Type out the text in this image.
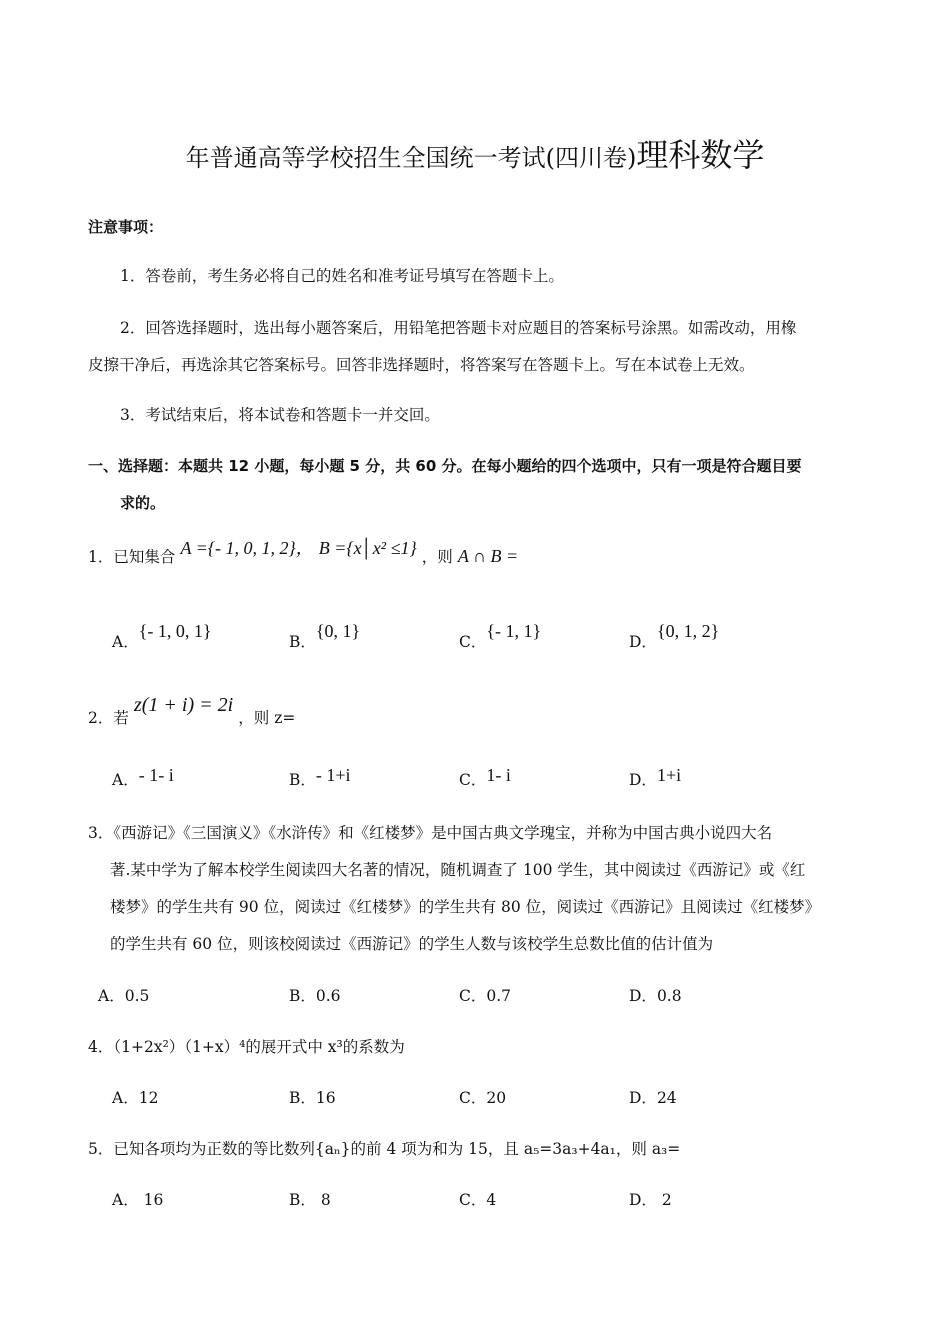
年普通高等学校招生全国统一考试(四川卷)理科数学
注意事项：
1．答卷前，考生务必将自己的姓名和准考证号填写在答题卡上。
2．回答选择题时，选出每小题答案后，用铅笔把答题卡对应题目的答案标号涂黑。如需改动，用橡
皮擦干净后，再选涂其它答案标号。回答非选择题时，将答案写在答题卡上。写在本试卷上无效。
3．考试结束后，将本试卷和答题卡一并交回。
一、选择题：本题共 12 小题，每小题 5 分，共 60 分。在每小题给的四个选项中，只有一项是符合题目要
求的。
1．已知集合 A ={- 1, 0, 1, 2}， B ={x│x² ≤1} ，则 A ∩ B =
A．{- 1, 0, 1}
B．{0, 1}
C．{- 1, 1}
D．{0, 1, 2}
2．若 z(1 + i) = 2i ，则 z=
A．- 1- i	B．- 1+i	C．1- i	D．1+i
3．《西游记》《三国演义》《水浒传》和《红楼梦》是中国古典文学瑰宝，并称为中国古典小说四大名
著.某中学为了解本校学生阅读四大名著的情况，随机调查了 100 学生，其中阅读过《西游记》或《红
楼梦》的学生共有 90 位，阅读过《红楼梦》的学生共有 80 位，阅读过《西游记》且阅读过《红楼梦》
的学生共有 60 位，则该校阅读过《西游记》的学生人数与该校学生总数比值的估计值为
A．0.5	B．0.6	C．0.7	D．0.8
4．（1+2x²）（1+x）⁴的展开式中 x³的系数为
A．12	B．16	C．20	D．24
5．已知各项均为正数的等比数列{aₙ}的前 4 项为和为 15，且 a₅=3a₃+4a₁，则 a₃=
A． 16	B． 8	C．4	D． 2
